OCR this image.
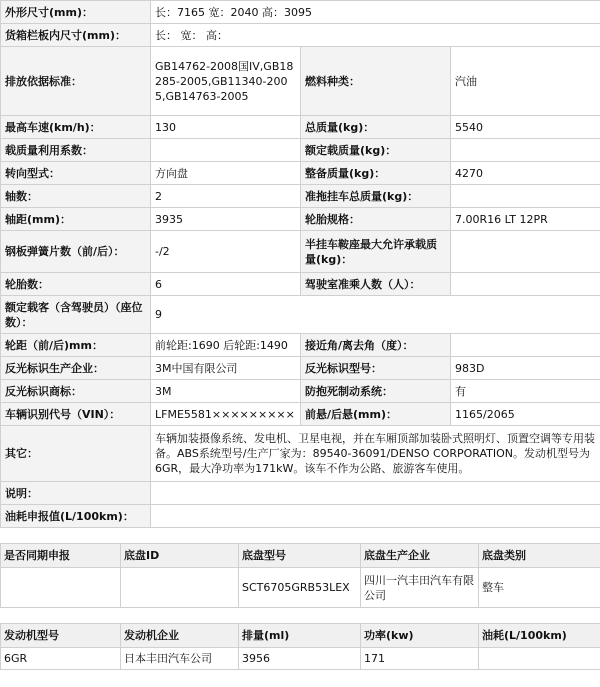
外形尺寸(mm)：	长：7165 宽：2040 高：3095		
货箱栏板内尺寸(mm)：	长： 宽： 高：		
排放依据标准：	GB14762-2008国IV,GB18285-2005,GB11340-2005,GB14763-2005	燃料种类：	汽油
最高车速(km/h)：	130	总质量(kg)：	5540
载质量利用系数：		额定载质量(kg)：	
转向型式：	方向盘	整备质量(kg)：	4270
轴数：	2	准拖挂车总质量(kg)：	
轴距(mm)：	3935	轮胎规格：	7.00R16 LT 12PR
钢板弹簧片数（前/后）：	-/2	半挂车鞍座最大允许承载质量(kg)：	
轮胎数：	6	驾驶室准乘人数（人）：	
额定载客（含驾驶员）（座位数）：	9		
轮距（前/后)mm：	前轮距:1690 后轮距:1490	接近角/离去角（度）：	
反光标识生产企业：	3M中国有限公司	反光标识型号：	983D
反光标识商标：	3M	防抱死制动系统：	有
车辆识别代号（VIN）：	LFME5581×××××××××	前悬/后悬(mm)：	1165/2065
其它：	车辆加装摄像系统、发电机、卫星电视，并在车厢顶部加装卧式照明灯、顶置空调等专用装备。ABS系统型号/生产厂家为：89540-36091/DENSO CORPORATION。发动机型号为6GR，最大净功率为171kW。该车不作为公路、旅游客车使用。		
说明：			
油耗申报值(L/100km)：			
是否同期申报	底盘ID	底盘型号	底盘生产企业	底盘类别
		SCT6705GRB53LEX	四川一汽丰田汽车有限公司	整车
发动机型号	发动机企业	排量(ml)	功率(kw)	油耗(L/100km)
6GR	日本丰田汽车公司	3956	171	
